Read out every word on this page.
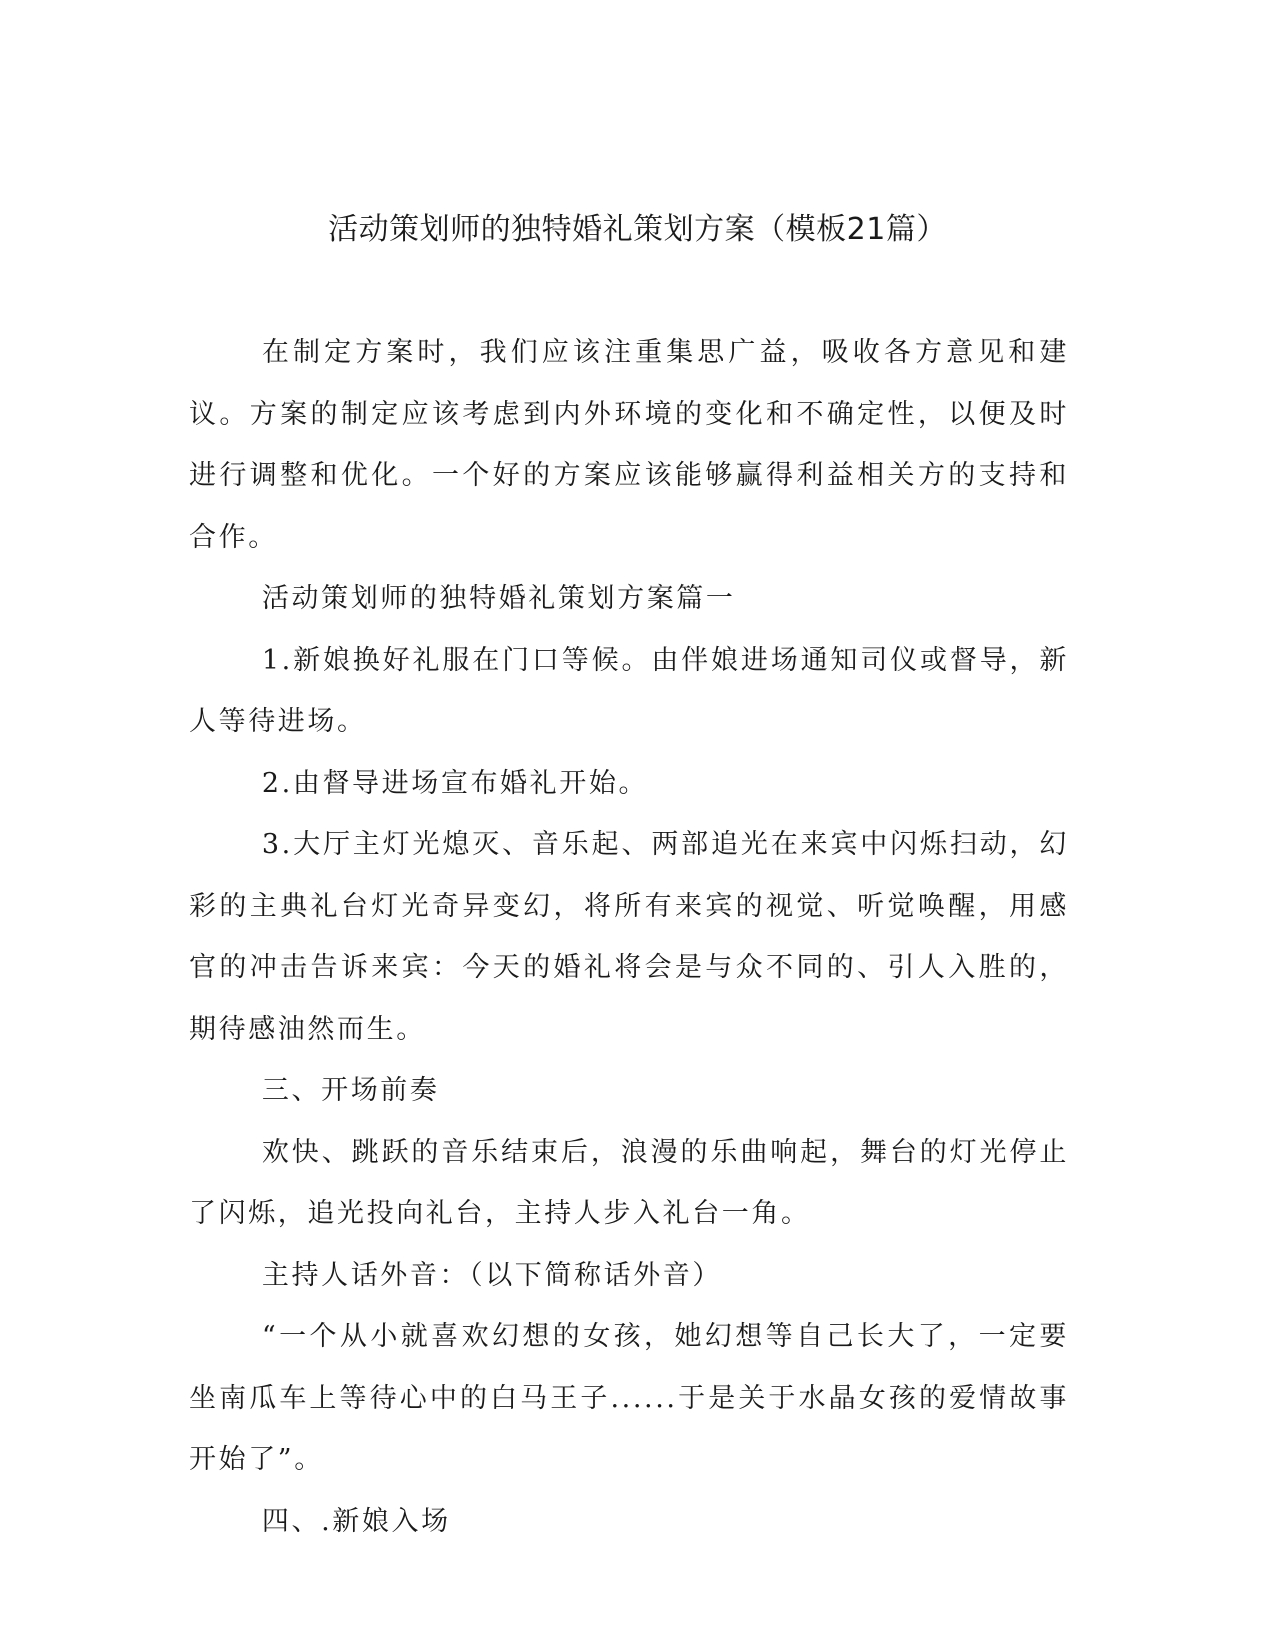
活动策划师的独特婚礼策划方案（模板21篇）

在制定方案时，我们应该注重集思广益，吸收各方意见和建议。方案的制定应该考虑到内外环境的变化和不确定性，以便及时进行调整和优化。一个好的方案应该能够赢得利益相关方的支持和合作。

活动策划师的独特婚礼策划方案篇一

1.新娘换好礼服在门口等候。由伴娘进场通知司仪或督导，新人等待进场。

2.由督导进场宣布婚礼开始。

3.大厅主灯光熄灭、音乐起、两部追光在来宾中闪烁扫动，幻彩的主典礼台灯光奇异变幻，将所有来宾的视觉、听觉唤醒，用感官的冲击告诉来宾：今天的婚礼将会是与众不同的、引人入胜的，期待感油然而生。

三、开场前奏

欢快、跳跃的音乐结束后，浪漫的乐曲响起，舞台的灯光停止了闪烁，追光投向礼台，主持人步入礼台一角。

主持人话外音：（以下简称话外音）

“一个从小就喜欢幻想的女孩，她幻想等自己长大了，一定要坐南瓜车上等待心中的白马王子......于是关于水晶女孩的爱情故事开始了”。

四、.新娘入场
